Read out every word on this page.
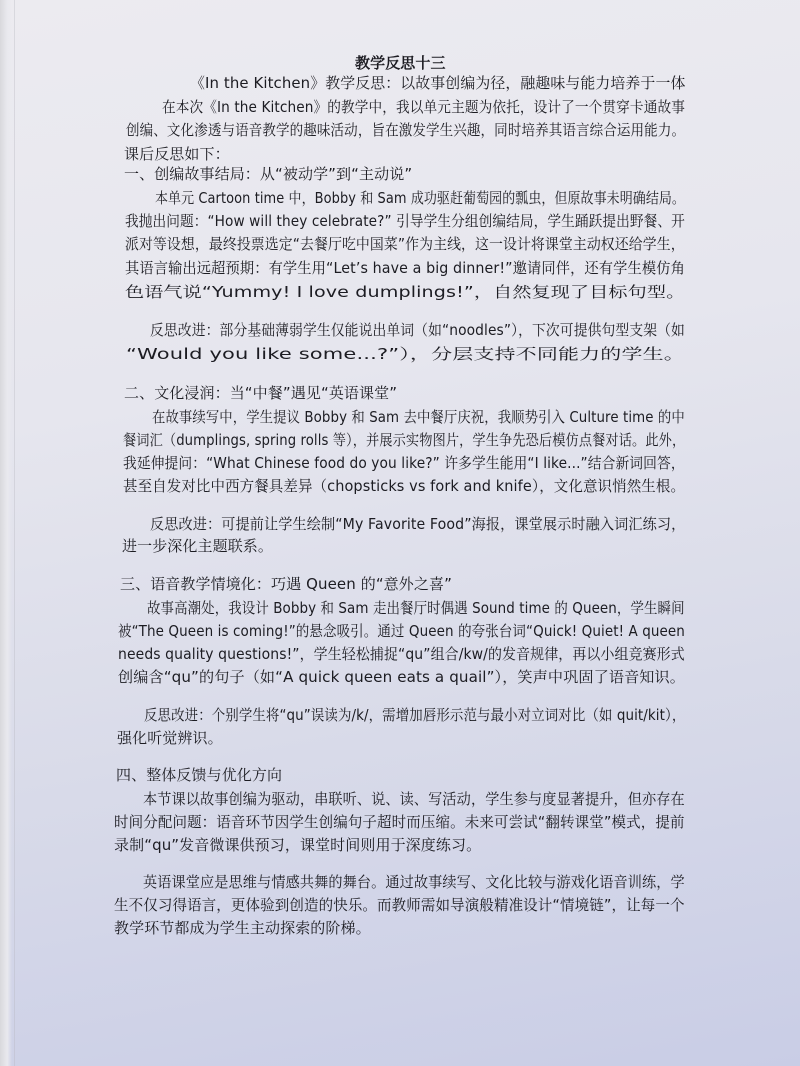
教学反思十三
《In the Kitchen》教学反思：以故事创编为径，融趣味与能力培养于一体
在本次《In the Kitchen》的教学中，我以单元主题为依托，设计了一个贯穿卡通故事
创编、文化渗透与语音教学的趣味活动，旨在激发学生兴趣，同时培养其语言综合运用能力。
课后反思如下：
一、创编故事结局：从“被动学”到“主动说”
本单元 Cartoon time 中，Bobby 和 Sam 成功驱赶葡萄园的瓢虫，但原故事未明确结局。
我抛出问题：“How will they celebrate?” 引导学生分组创编结局，学生踊跃提出野餐、开
派对等设想，最终投票选定“去餐厅吃中国菜”作为主线，这一设计将课堂主动权还给学生，
其语言输出远超预期：有学生用“Let’s have a big dinner!”邀请同伴，还有学生模仿角
色语气说“Yummy! I love dumplings!”，自然复现了目标句型。
反思改进：部分基础薄弱学生仅能说出单词（如“noodles”），下次可提供句型支架（如
“Would you like some...?”），分层支持不同能力的学生。
二、文化浸润：当“中餐”遇见“英语课堂”
在故事续写中，学生提议 Bobby 和 Sam 去中餐厅庆祝，我顺势引入 Culture time 的中
餐词汇（dumplings, spring rolls 等），并展示实物图片，学生争先恐后模仿点餐对话。此外，
我延伸提问：“What Chinese food do you like?” 许多学生能用“I like...”结合新词回答，
甚至自发对比中西方餐具差异（chopsticks vs fork and knife），文化意识悄然生根。
反思改进：可提前让学生绘制“My Favorite Food”海报，课堂展示时融入词汇练习，
进一步深化主题联系。
三、语音教学情境化：巧遇 Queen 的“意外之喜”
故事高潮处，我设计 Bobby 和 Sam 走出餐厅时偶遇 Sound time 的 Queen，学生瞬间
被“The Queen is coming!”的悬念吸引。通过 Queen 的夸张台词“Quick! Quiet! A queen
needs quality questions!”，学生轻松捕捉“qu”组合/kw/的发音规律，再以小组竞赛形式
创编含“qu”的句子（如“A quick queen eats a quail”），笑声中巩固了语音知识。
反思改进：个别学生将“qu”误读为/k/，需增加唇形示范与最小对立词对比（如 quit/kit），
强化听觉辨识。
四、整体反馈与优化方向
本节课以故事创编为驱动，串联听、说、读、写活动，学生参与度显著提升，但亦存在
时间分配问题：语音环节因学生创编句子超时而压缩。未来可尝试“翻转课堂”模式，提前
录制“qu”发音微课供预习，课堂时间则用于深度练习。
英语课堂应是思维与情感共舞的舞台。通过故事续写、文化比较与游戏化语音训练，学
生不仅习得语言，更体验到创造的快乐。而教师需如导演般精准设计“情境链”，让每一个
教学环节都成为学生主动探索的阶梯。
